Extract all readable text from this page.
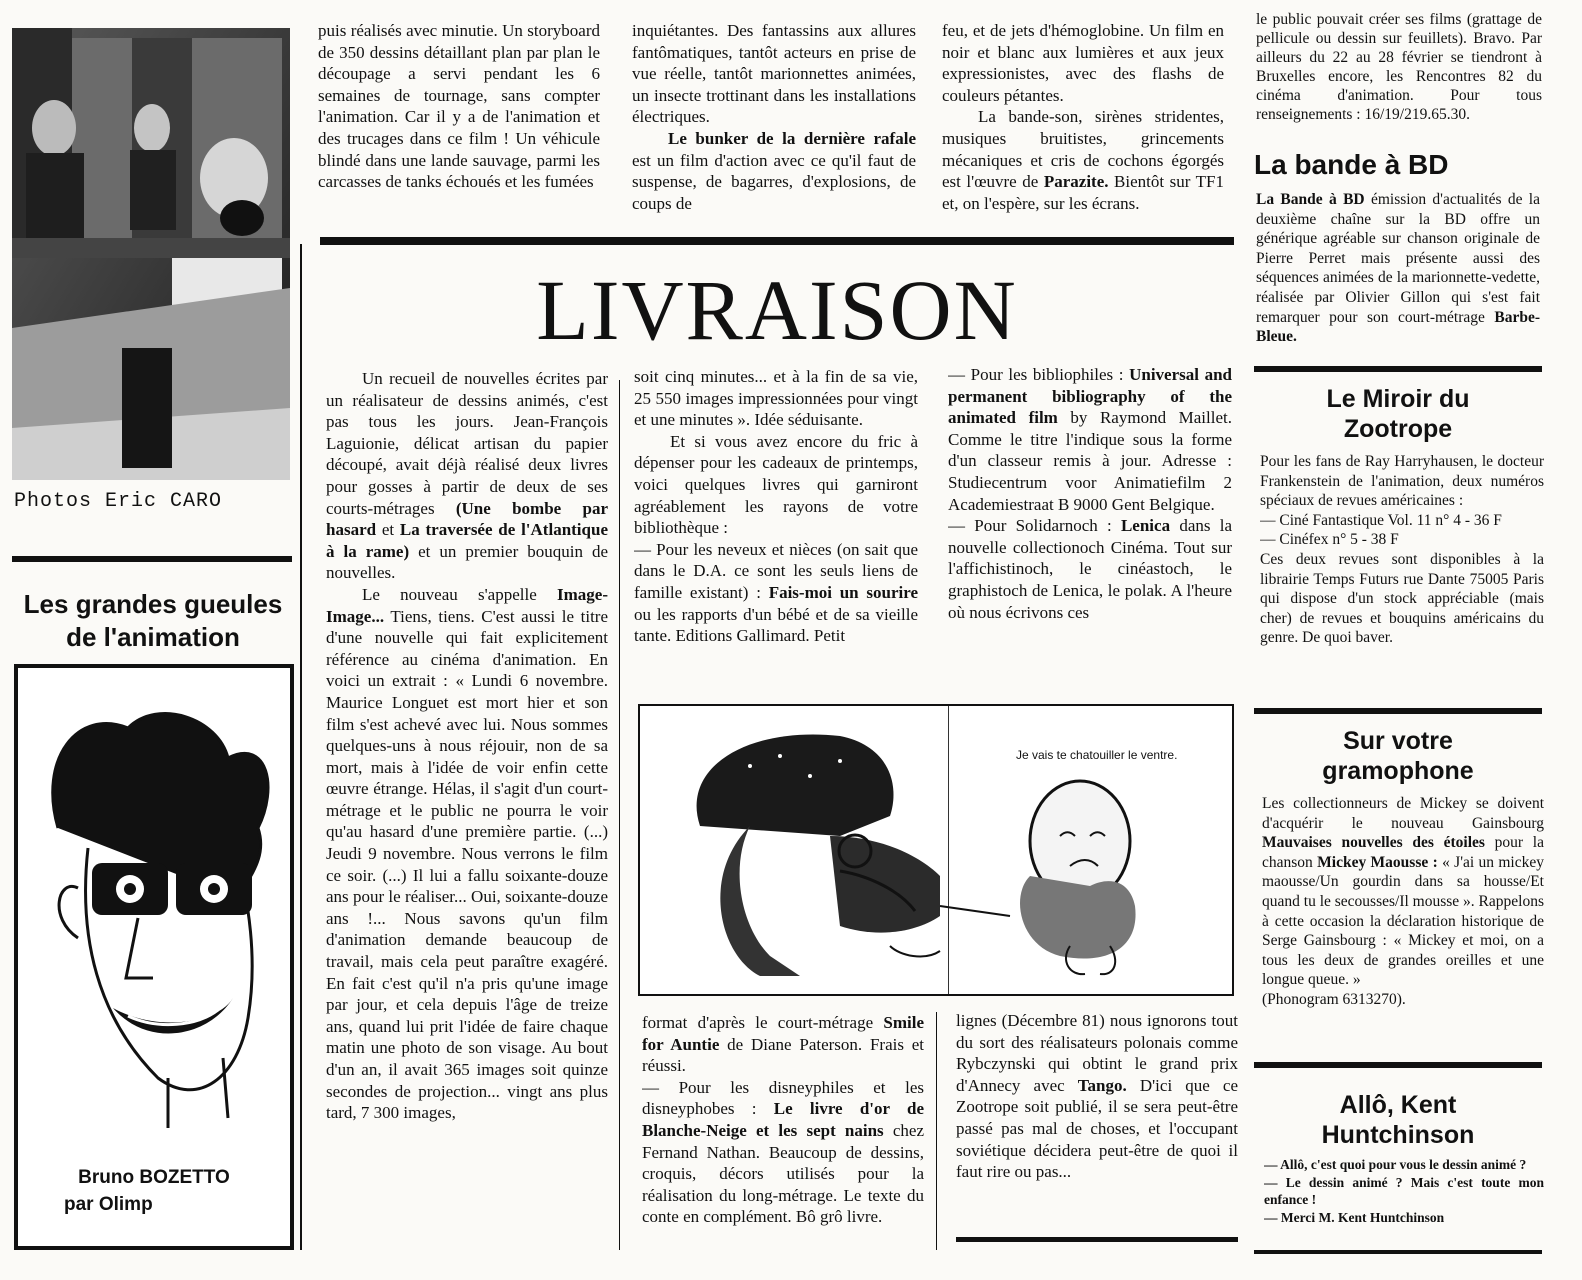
Photos Eric CARO
Les grandes gueules de l'animation
Bruno BOZETTO
par Olimp

puis réalisés avec minutie. Un storyboard de 350 dessins détaillant plan par plan le découpage a servi pendant les 6 semaines de tournage, sans compter l'animation. Car il y a de l'animation et des trucages dans ce film ! Un véhicule blindé dans une lande sauvage, parmi les carcasses de tanks échoués et les fumées

inquiétantes. Des fantassins aux allures fantômatiques, tantôt acteurs en prise de vue réelle, tantôt marionnettes animées, un insecte trottinant dans les installations électriques.

Le bunker de la dernière rafale est un film d'action avec ce qu'il faut de suspense, de bagarres, d'explosions, de coups de

feu, et de jets d'hémoglobine. Un film en noir et blanc aux lumières et aux jeux expressionistes, avec des flashs de couleurs pétantes.

La bande-son, sirènes stridentes, musiques bruitistes, grincements mécaniques et cris de cochons égorgés est l'œuvre de Parazite. Bientôt sur TF1 et, on l'espère, sur les écrans.

LIVRAISON

Un recueil de nouvelles écrites par un réalisateur de dessins animés, c'est pas tous les jours. Jean-François Laguionie, délicat artisan du papier découpé, avait déjà réalisé deux livres pour gosses à partir de deux de ses courts-métrages (Une bombe par hasard et La traversée de l'Atlantique à la rame) et un premier bouquin de nouvelles.

Le nouveau s'appelle Image-Image... Tiens, tiens. C'est aussi le titre d'une nouvelle qui fait explicitement référence au cinéma d'animation. En voici un extrait : « Lundi 6 novembre. Maurice Longuet est mort hier et son film s'est achevé avec lui. Nous sommes quelques-uns à nous réjouir, non de sa mort, mais à l'idée de voir enfin cette œuvre étrange. Hélas, il s'agit d'un court-métrage et le public ne pourra le voir qu'au hasard d'une première partie. (...) Jeudi 9 novembre. Nous verrons le film ce soir. (...) Il lui a fallu soixante-douze ans pour le réaliser... Oui, soixante-douze ans !... Nous savons qu'un film d'animation demande beaucoup de travail, mais cela peut paraître exagéré. En fait c'est qu'il n'a pris qu'une image par jour, et cela depuis l'âge de treize ans, quand lui prit l'idée de faire chaque matin une photo de son visage. Au bout d'un an, il avait 365 images soit quinze secondes de projection... vingt ans plus tard, 7 300 images,

soit cinq minutes... et à la fin de sa vie, 25 550 images impressionnées pour vingt et une minutes ». Idée séduisante.

Et si vous avez encore du fric à dépenser pour les cadeaux de printemps, voici quelques livres qui garniront agréablement les rayons de votre bibliothèque :

— Pour les neveux et nièces (on sait que dans le D.A. ce sont les seuls liens de famille existant) : Fais-moi un sourire ou les rapports d'un bébé et de sa vieille tante. Editions Gallimard. Petit

— Pour les bibliophiles : Universal and permanent bibliography of the animated film by Raymond Maillet. Comme le titre l'indique sous la forme d'un classeur remis à jour. Adresse : Studiecentrum voor Animatiefilm 2 Academiestraat B 9000 Gent Belgique.

— Pour Solidarnoch : Lenica dans la nouvelle collectionoch Cinéma. Tout sur l'affichistinoch, le cinéastoch, le graphistoch de Lenica, le polak. A l'heure où nous écrivons ces

Je vais te chatouiller le ventre.

format d'après le court-métrage Smile for Auntie de Diane Paterson. Frais et réussi.

— Pour les disneyphiles et les disneyphobes : Le livre d'or de Blanche-Neige et les sept nains chez Fernand Nathan. Beaucoup de dessins, croquis, décors utilisés pour la réalisation du long-métrage. Le texte du conte en complément. Bô grô livre.

lignes (Décembre 81) nous ignorons tout du sort des réalisateurs polonais comme Rybczynski qui obtint le grand prix d'Annecy avec Tango. D'ici que ce Zootrope soit publié, il se sera peut-être passé pas mal de choses, et l'occupant soviétique décidera peut-être de quoi il faut rire ou pas...

le public pouvait créer ses films (grattage de pellicule ou dessin sur feuillets). Bravo. Par ailleurs du 22 au 28 février se tiendront à Bruxelles encore, les Rencontres 82 du cinéma d'animation. Pour tous renseignements : 16/19/219.65.30.

La bande à BD

La Bande à BD émission d'actualités de la deuxième chaîne sur la BD offre un générique agréable sur chanson originale de Pierre Perret mais présente aussi des séquences animées de la marionnette-vedette, réalisée par Olivier Gillon qui s'est fait remarquer pour son court-métrage Barbe-Bleue.

Le Miroir du
Zootrope

Pour les fans de Ray Harryhausen, le docteur Frankenstein de l'animation, deux numéros spéciaux de revues américaines :

— Ciné Fantastique Vol. 11 n° 4 - 36 F

— Cinéfex n° 5 - 38 F

Ces deux revues sont disponibles à la librairie Temps Futurs rue Dante 75005 Paris qui dispose d'un stock appréciable (mais cher) de revues et bouquins américains du genre. De quoi baver.

Sur votre
gramophone

Les collectionneurs de Mickey se doivent d'acquérir le nouveau Gainsbourg Mauvaises nouvelles des étoiles pour la chanson Mickey Maousse : « J'ai un mickey maousse/Un gourdin dans sa housse/Et quand tu le secousses/Il mousse ». Rappelons à cette occasion la déclaration historique de Serge Gainsbourg : « Mickey et moi, on a tous les deux de grandes oreilles et une longue queue. »

(Phonogram 6313270).

Allô, Kent
Huntchinson

— Allô, c'est quoi pour vous le dessin animé ?

— Le dessin animé ? Mais c'est toute mon enfance !

— Merci M. Kent Huntchinson
